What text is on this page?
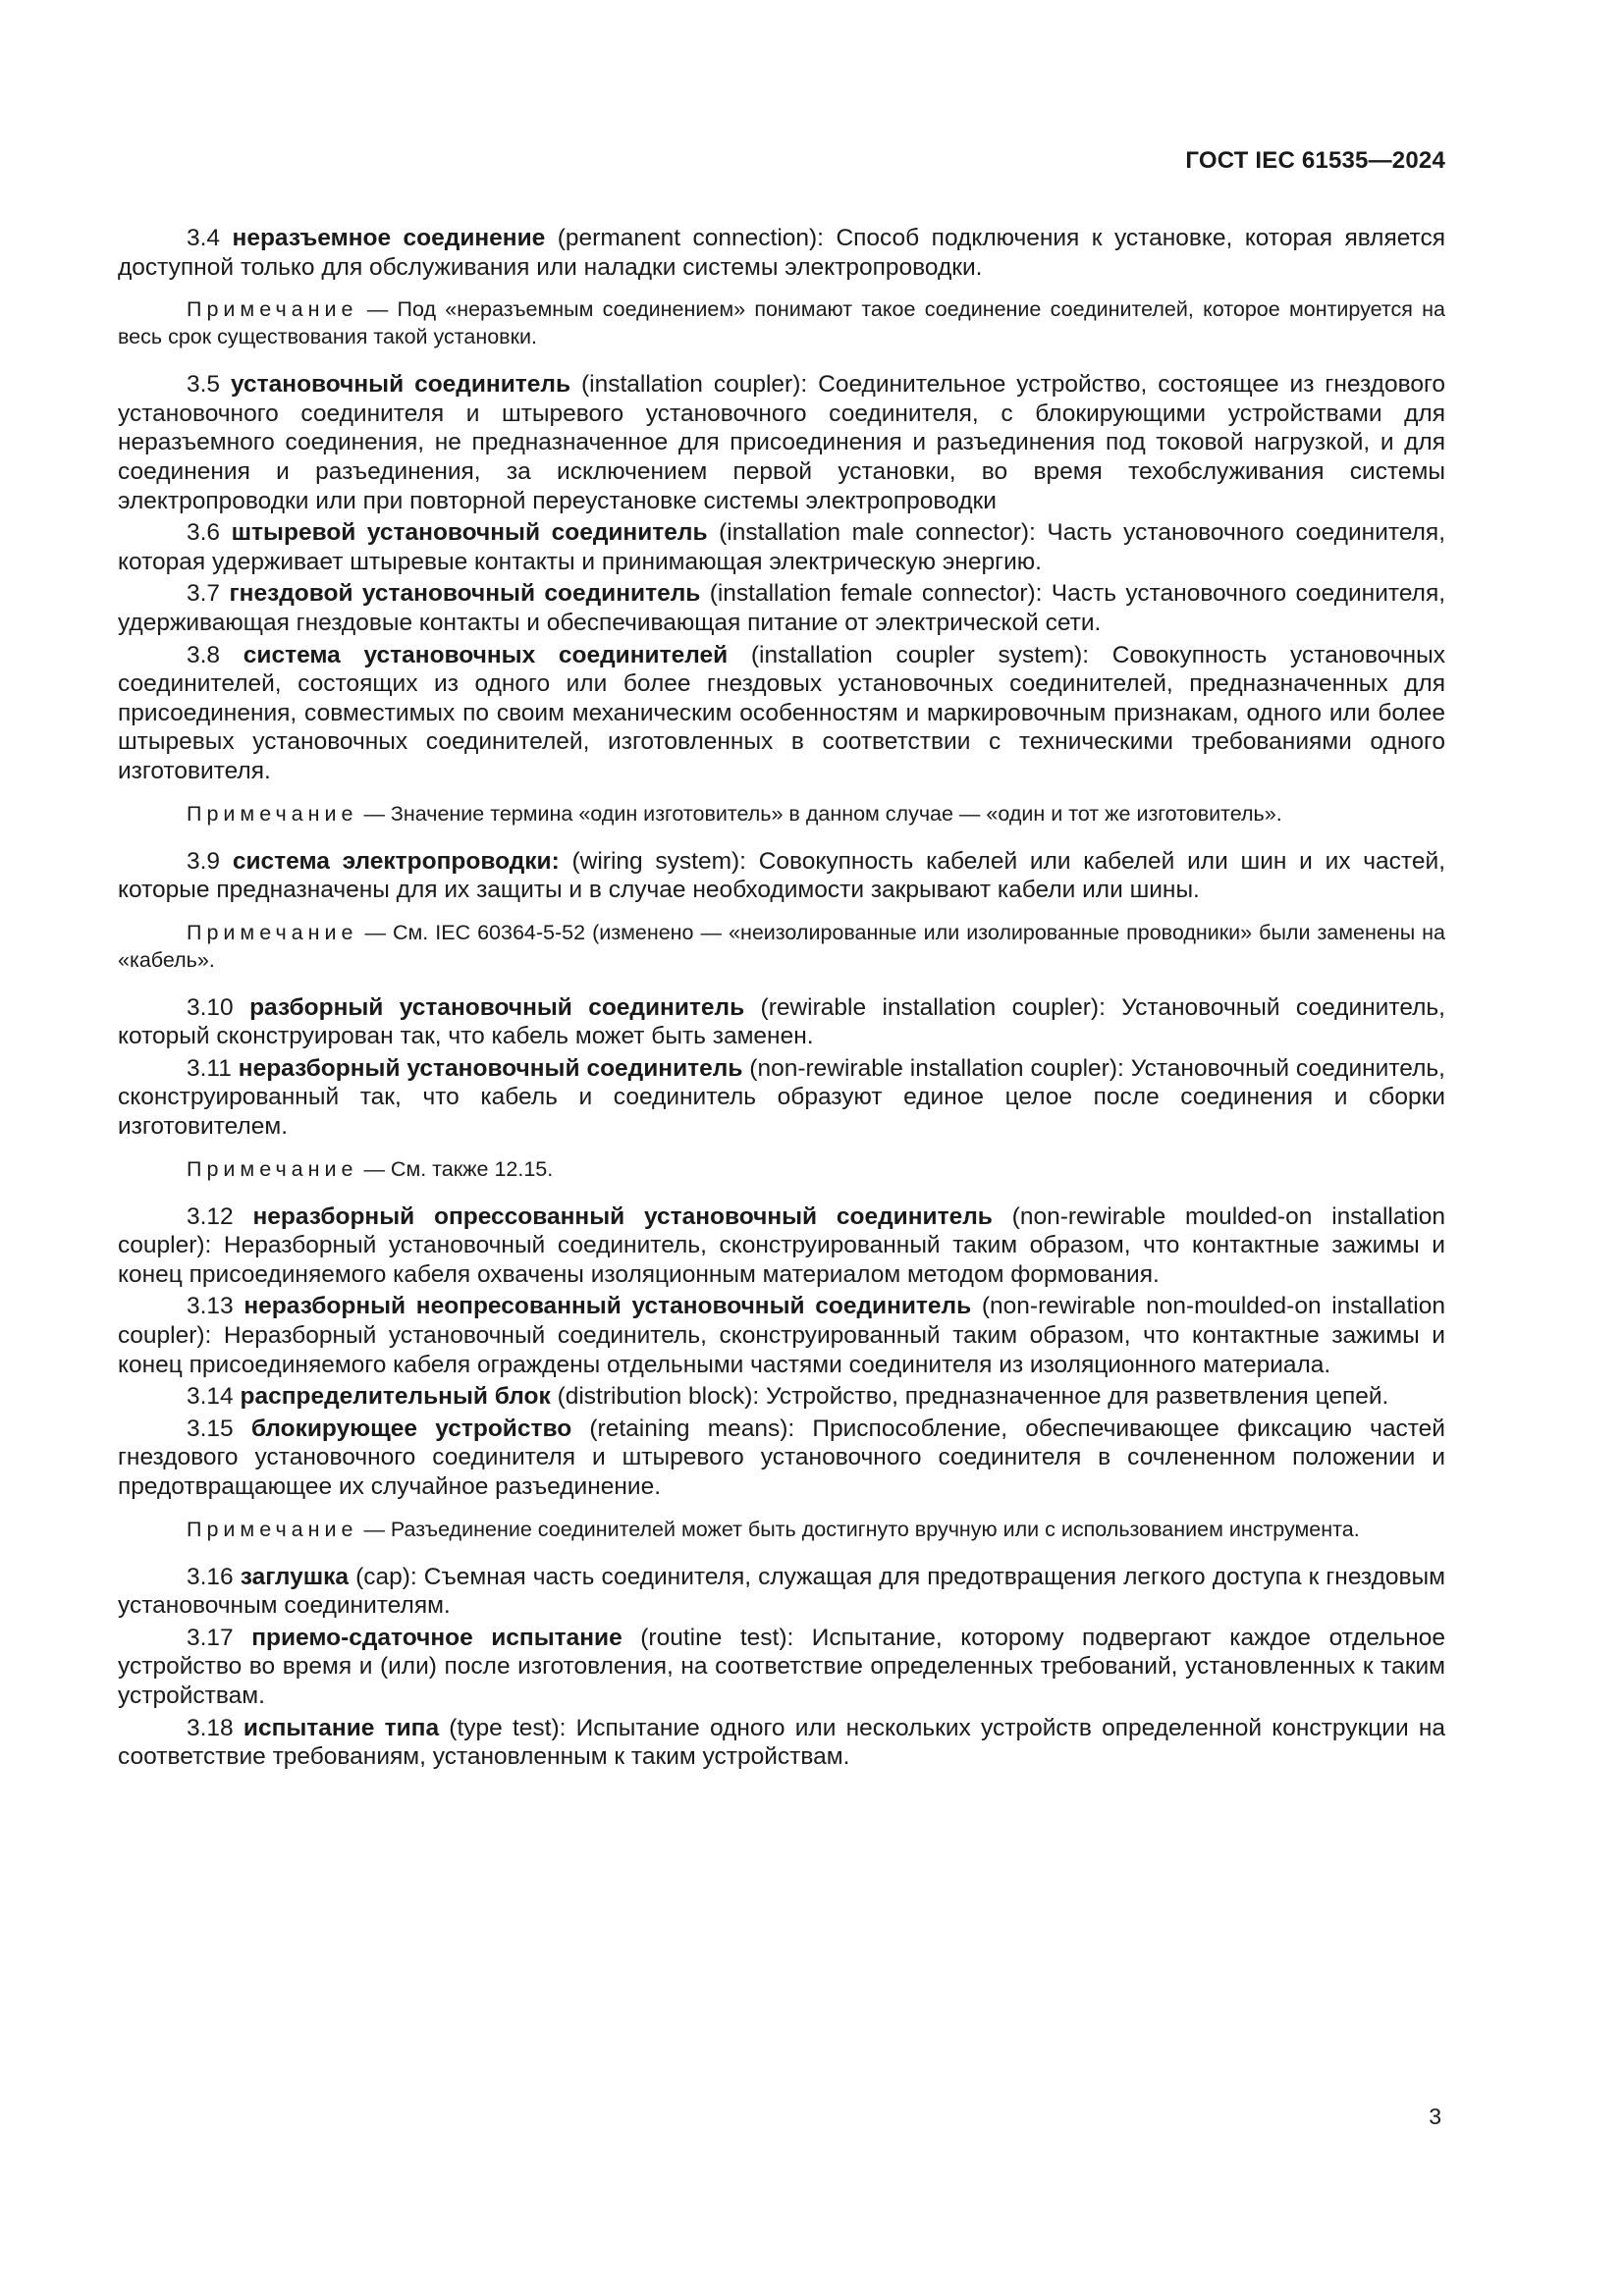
ГОСТ IEC 61535—2024

3.4 неразъемное соединение (permanent connection): Способ подключения к установке, которая является доступной только для обслуживания или наладки системы электропроводки.

Примечание — Под «неразъемным соединением» понимают такое соединение соединителей, которое монтируется на весь срок существования такой установки.

3.5 установочный соединитель (installation coupler): Соединительное устройство, состоящее из гнездового установочного соединителя и штыревого установочного соединителя, с блокирующими устройствами для неразъемного соединения, не предназначенное для присоединения и разъединения под токовой нагрузкой, и для соединения и разъединения, за исключением первой установки, во время техобслуживания системы электропроводки или при повторной переустановке системы электропроводки

3.6 штыревой установочный соединитель (installation male connector): Часть установочного соединителя, которая удерживает штыревые контакты и принимающая электрическую энергию.

3.7 гнездовой установочный соединитель (installation female connector): Часть установочного соединителя, удерживающая гнездовые контакты и обеспечивающая питание от электрической сети.

3.8 система установочных соединителей (installation coupler system): Совокупность установочных соединителей, состоящих из одного или более гнездовых установочных соединителей, предназначенных для присоединения, совместимых по своим механическим особенностям и маркировочным признакам, одного или более штыревых установочных соединителей, изготовленных в соответствии с техническими требованиями одного изготовителя.

Примечание — Значение термина «один изготовитель» в данном случае — «один и тот же изготовитель».

3.9 система электропроводки: (wiring system): Совокупность кабелей или кабелей или шин и их частей, которые предназначены для их защиты и в случае необходимости закрывают кабели или шины.

Примечание — См. IEC 60364-5-52 (изменено — «неизолированные или изолированные проводники» были заменены на «кабель».

3.10 разборный установочный соединитель (rewirable installation coupler): Установочный соединитель, который сконструирован так, что кабель может быть заменен.

3.11 неразборный установочный соединитель (non-rewirable installation coupler): Установочный соединитель, сконструированный так, что кабель и соединитель образуют единое целое после соединения и сборки изготовителем.

Примечание — См. также 12.15.

3.12 неразборный опрессованный установочный соединитель (non-rewirable moulded-on installation coupler): Неразборный установочный соединитель, сконструированный таким образом, что контактные зажимы и конец присоединяемого кабеля охвачены изоляционным материалом методом формования.

3.13 неразборный неопресованный установочный соединитель (non-rewirable non-moulded-on installation coupler): Неразборный установочный соединитель, сконструированный таким образом, что контактные зажимы и конец присоединяемого кабеля ограждены отдельными частями соединителя из изоляционного материала.

3.14 распределительный блок (distribution block): Устройство, предназначенное для разветвления цепей.

3.15 блокирующее устройство (retaining means): Приспособление, обеспечивающее фиксацию частей гнездового установочного соединителя и штыревого установочного соединителя в сочлененном положении и предотвращающее их случайное разъединение.

Примечание — Разъединение соединителей может быть достигнуто вручную или с использованием инструмента.

3.16 заглушка (cap): Съемная часть соединителя, служащая для предотвращения легкого доступа к гнездовым установочным соединителям.

3.17 приемо-сдаточное испытание (routine test): Испытание, которому подвергают каждое отдельное устройство во время и (или) после изготовления, на соответствие определенных требований, установленных к таким устройствам.

3.18 испытание типа (type test): Испытание одного или нескольких устройств определенной конструкции на соответствие требованиям, установленным к таким устройствам.

3
